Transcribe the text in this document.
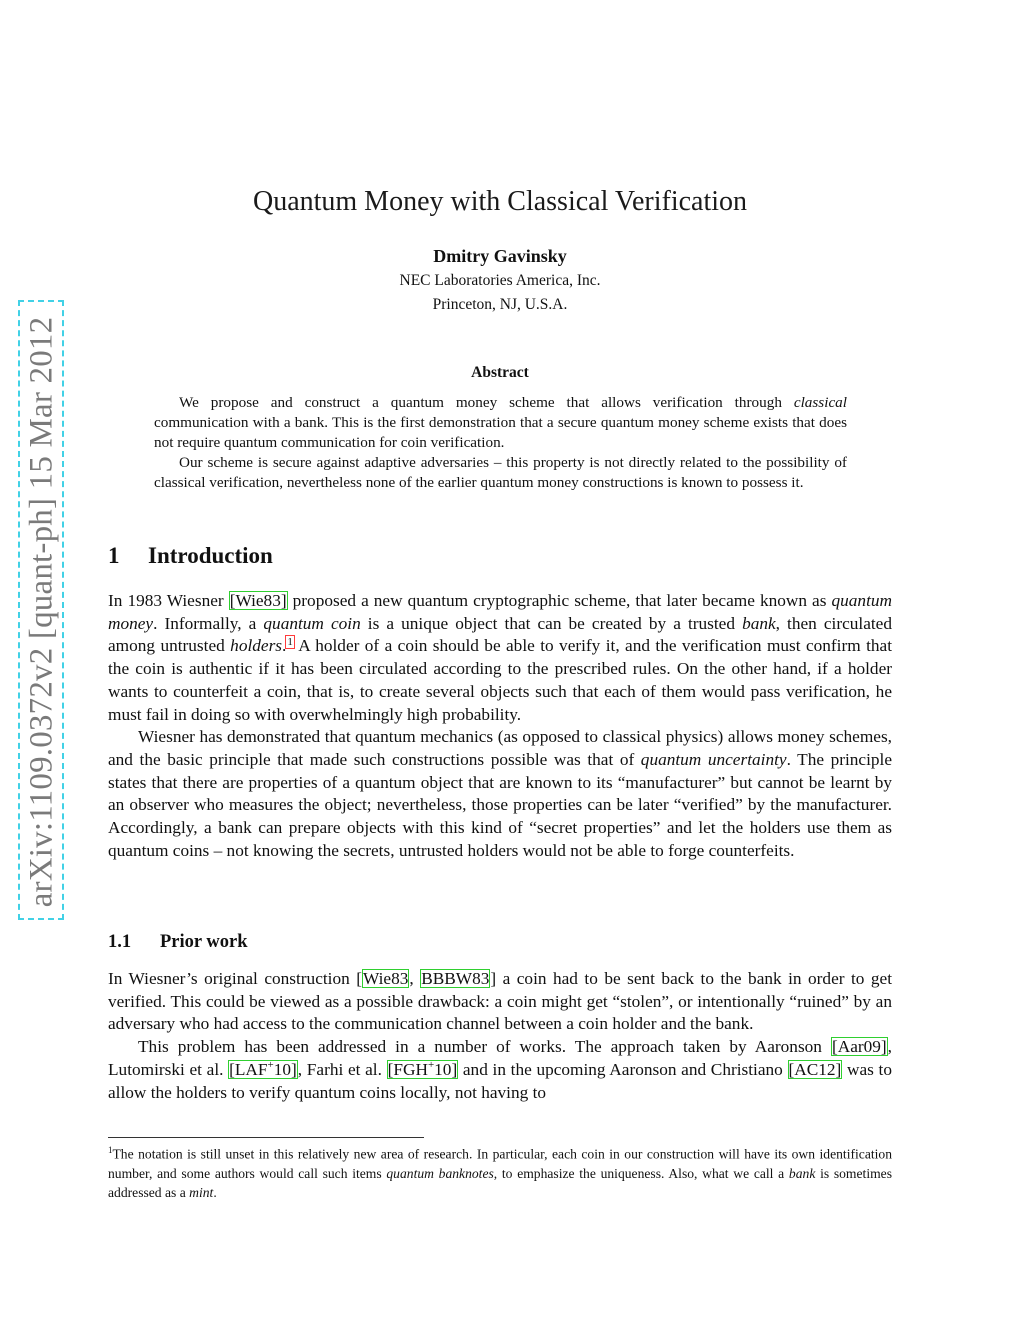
arXiv:1109.0372v2 [quant-ph] 15 Mar 2012
Quantum Money with Classical Verification
Dmitry Gavinsky
NEC Laboratories America, Inc.
Princeton, NJ, U.S.A.
Abstract

We propose and construct a quantum money scheme that allows verification through classical communication with a bank. This is the first demonstration that a secure quantum money scheme exists that does not require quantum communication for coin verification.

Our scheme is secure against adaptive adversaries – this property is not directly related to the possibility of classical verification, nevertheless none of the earlier quantum money constructions is known to possess it.

1 Introduction

In 1983 Wiesner [Wie83] proposed a new quantum cryptographic scheme, that later became known as quantum money. Informally, a quantum coin is a unique object that can be created by a trusted bank, then circulated among untrusted holders.$^1$ A holder of a coin should be able to verify it, and the verification must confirm that the coin is authentic if it has been circulated according to the prescribed rules. On the other hand, if a holder wants to counterfeit a coin, that is, to create several objects such that each of them would pass verification, he must fail in doing so with overwhelmingly high probability.

Wiesner has demonstrated that quantum mechanics (as opposed to classical physics) allows money schemes, and the basic principle that made such constructions possible was that of quantum uncertainty. The principle states that there are properties of a quantum object that are known to its “manufacturer” but cannot be learnt by an observer who measures the object; nevertheless, those properties can be later “verified” by the manufacturer. Accordingly, a bank can prepare objects with this kind of “secret properties” and let the holders use them as quantum coins – not knowing the secrets, untrusted holders would not be able to forge counterfeits.

1.1 Prior work

In Wiesner’s original construction [Wie83, BBBW83] a coin had to be sent back to the bank in order to get verified. This could be viewed as a possible drawback: a coin might get “stolen”, or intentionally “ruined” by an adversary who had access to the communication channel between a coin holder and the bank.

This problem has been addressed in a number of works. The approach taken by Aaronson [Aar09], Lutomirski et al. [LAF+10], Farhi et al. [FGH+10] and in the upcoming Aaronson and Christiano [AC12] was to allow the holders to verify quantum coins locally, not having to

$^1$The notation is still unset in this relatively new area of research. In particular, each coin in our construction will have its own identification number, and some authors would call such items quantum banknotes, to emphasize the uniqueness. Also, what we call a bank is sometimes addressed as a mint.
